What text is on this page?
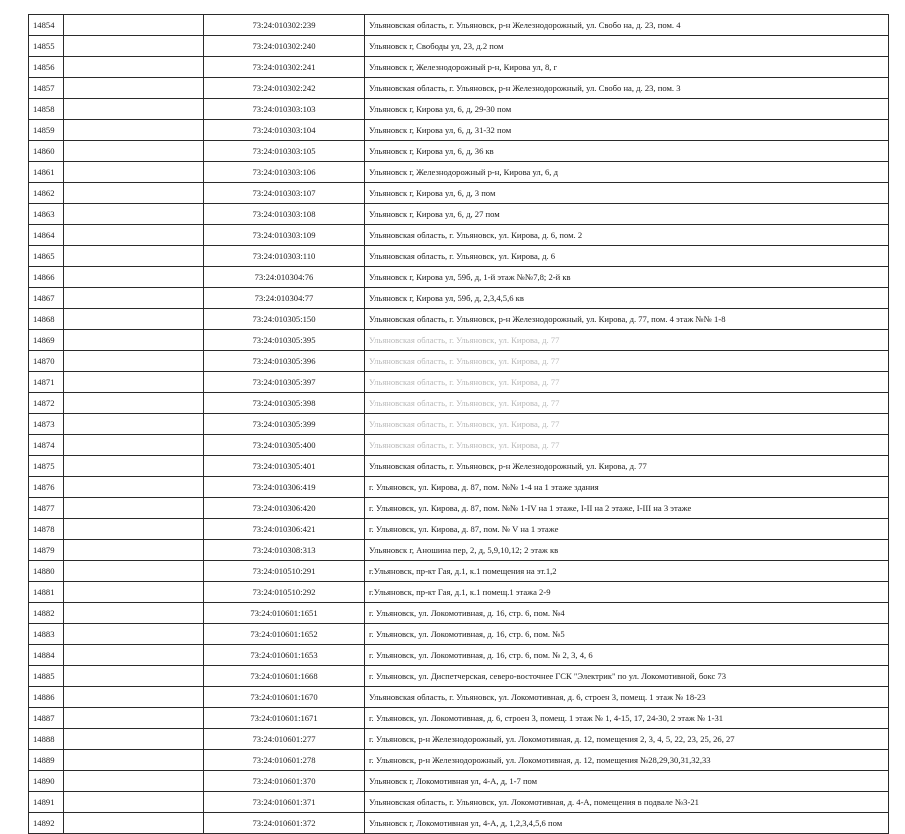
14854		73:24:010302:239	Ульяновская область, г. Ульяновск, р-н Железнодорожный, ул. Свобо на, д. 23, пом. 4
14855		73:24:010302:240	Ульяновск г, Свободы ул, 23, д.2 пом
14856		73:24:010302:241	Ульяновск г, Железнодорожный р-н, Кирова ул, 8, г
14857		73:24:010302:242	Ульяновская область, г. Ульяновск, р-н Железнодорожный, ул. Свобо на, д. 23, пом. 3
14858		73:24:010303:103	Ульяновск г, Кирова ул, 6, д, 29-30 пом
14859		73:24:010303:104	Ульяновск г, Кирова ул, 6, д, 31-32 пом
14860		73:24:010303:105	Ульяновск г, Кирова ул, 6, д, 36 кв
14861		73:24:010303:106	Ульяновск г, Железнодорожный р-н, Кирова ул, 6, д
14862		73:24:010303:107	Ульяновск г, Кирова ул, 6, д, 3 пом
14863		73:24:010303:108	Ульяновск г, Кирова ул, 6, д, 27 пом
14864		73:24:010303:109	Ульяновская область, г. Ульяновск, ул. Кирова, д. 6, пом. 2
14865		73:24:010303:110	Ульяновская область, г. Ульяновск, ул. Кирова, д. 6
14866		73:24:010304:76	Ульяновск г, Кирова ул, 59б, д, 1-й этаж №№7,8; 2-й кв
14867		73:24:010304:77	Ульяновск г, Кирова ул, 59б, д, 2,3,4,5,6 кв
14868		73:24:010305:150	Ульяновская область, г. Ульяновск, р-н Железнодорожный, ул. Кирова, д. 77, пом. 4 этаж №№ 1-8
14869		73:24:010305:395	Ульяновская область, г. Ульяновск, ул. Кирова, д. 77
14870		73:24:010305:396	Ульяновская область, г. Ульяновск, ул. Кирова, д. 77
14871		73:24:010305:397	Ульяновская область, г. Ульяновск, ул. Кирова, д. 77
14872		73:24:010305:398	Ульяновская область, г. Ульяновск, ул. Кирова, д. 77
14873		73:24:010305:399	Ульяновская область, г. Ульяновск, ул. Кирова, д. 77
14874		73:24:010305:400	Ульяновская область, г. Ульяновск, ул. Кирова, д. 77
14875		73:24:010305:401	Ульяновская область, г. Ульяновск, р-н Железнодорожный, ул. Кирова, д. 77
14876		73:24:010306:419	г. Ульяновск, ул. Кирова, д. 87, пом. №№ 1-4 на 1 этаже здания
14877		73:24:010306:420	г. Ульяновск, ул. Кирова, д. 87, пом. №№ 1-IV на 1 этаже, I-II на 2 этаже, I-III на 3 этаже
14878		73:24:010306:421	г. Ульяновск, ул. Кирова, д. 87, пом. № V на 1 этаже
14879		73:24:010308:313	Ульяновск г, Аношина пер, 2, д, 5,9,10,12; 2 этаж кв
14880		73:24:010510:291	г.Ульяновск, пр-кт Гая, д.1, к.1 помещения на эт.1,2
14881		73:24:010510:292	г.Ульяновск, пр-кт Гая, д.1, к.1 помещ.1 этажа 2-9
14882		73:24:010601:1651	г. Ульяновск, ул. Локомотивная, д. 16, стр. 6, пом. №4
14883		73:24:010601:1652	г. Ульяновск, ул. Локомотивная, д. 16, стр. 6, пом. №5
14884		73:24:010601:1653	г. Ульяновск, ул. Локомотивная, д. 16, стр. 6, пом. № 2, 3, 4, 6
14885		73:24:010601:1668	г. Ульяновск, ул. Диспетчерская, северо-восточнее ГСК "Электрик" по ул. Локомотивной, бокс 73
14886		73:24:010601:1670	Ульяновская область, г. Ульяновск, ул. Локомотивная, д. 6, строен 3, помещ. 1 этаж № 18-23
14887		73:24:010601:1671	г. Ульяновск, ул. Локомотивная, д. 6, строен 3, помещ. 1 этаж № 1, 4-15, 17, 24-30, 2 этаж № 1-31
14888		73:24:010601:277	г. Ульяновск, р-н Железнодорожный, ул. Локомотивная, д. 12, помещения 2, 3, 4, 5, 22, 23, 25, 26, 27
14889		73:24:010601:278	г. Ульяновск, р-н Железнодорожный, ул. Локомотивная, д. 12, помещения №28,29,30,31,32,33
14890		73:24:010601:370	Ульяновск г, Локомотивная ул, 4-А, д, 1-7 пом
14891		73:24:010601:371	Ульяновская область, г. Ульяновск, ул. Локомотивная, д. 4-А, помещения в подвале №3-21
14892		73:24:010601:372	Ульяновск г, Локомотивная ул, 4-А, д, 1,2,3,4,5,6 пом
